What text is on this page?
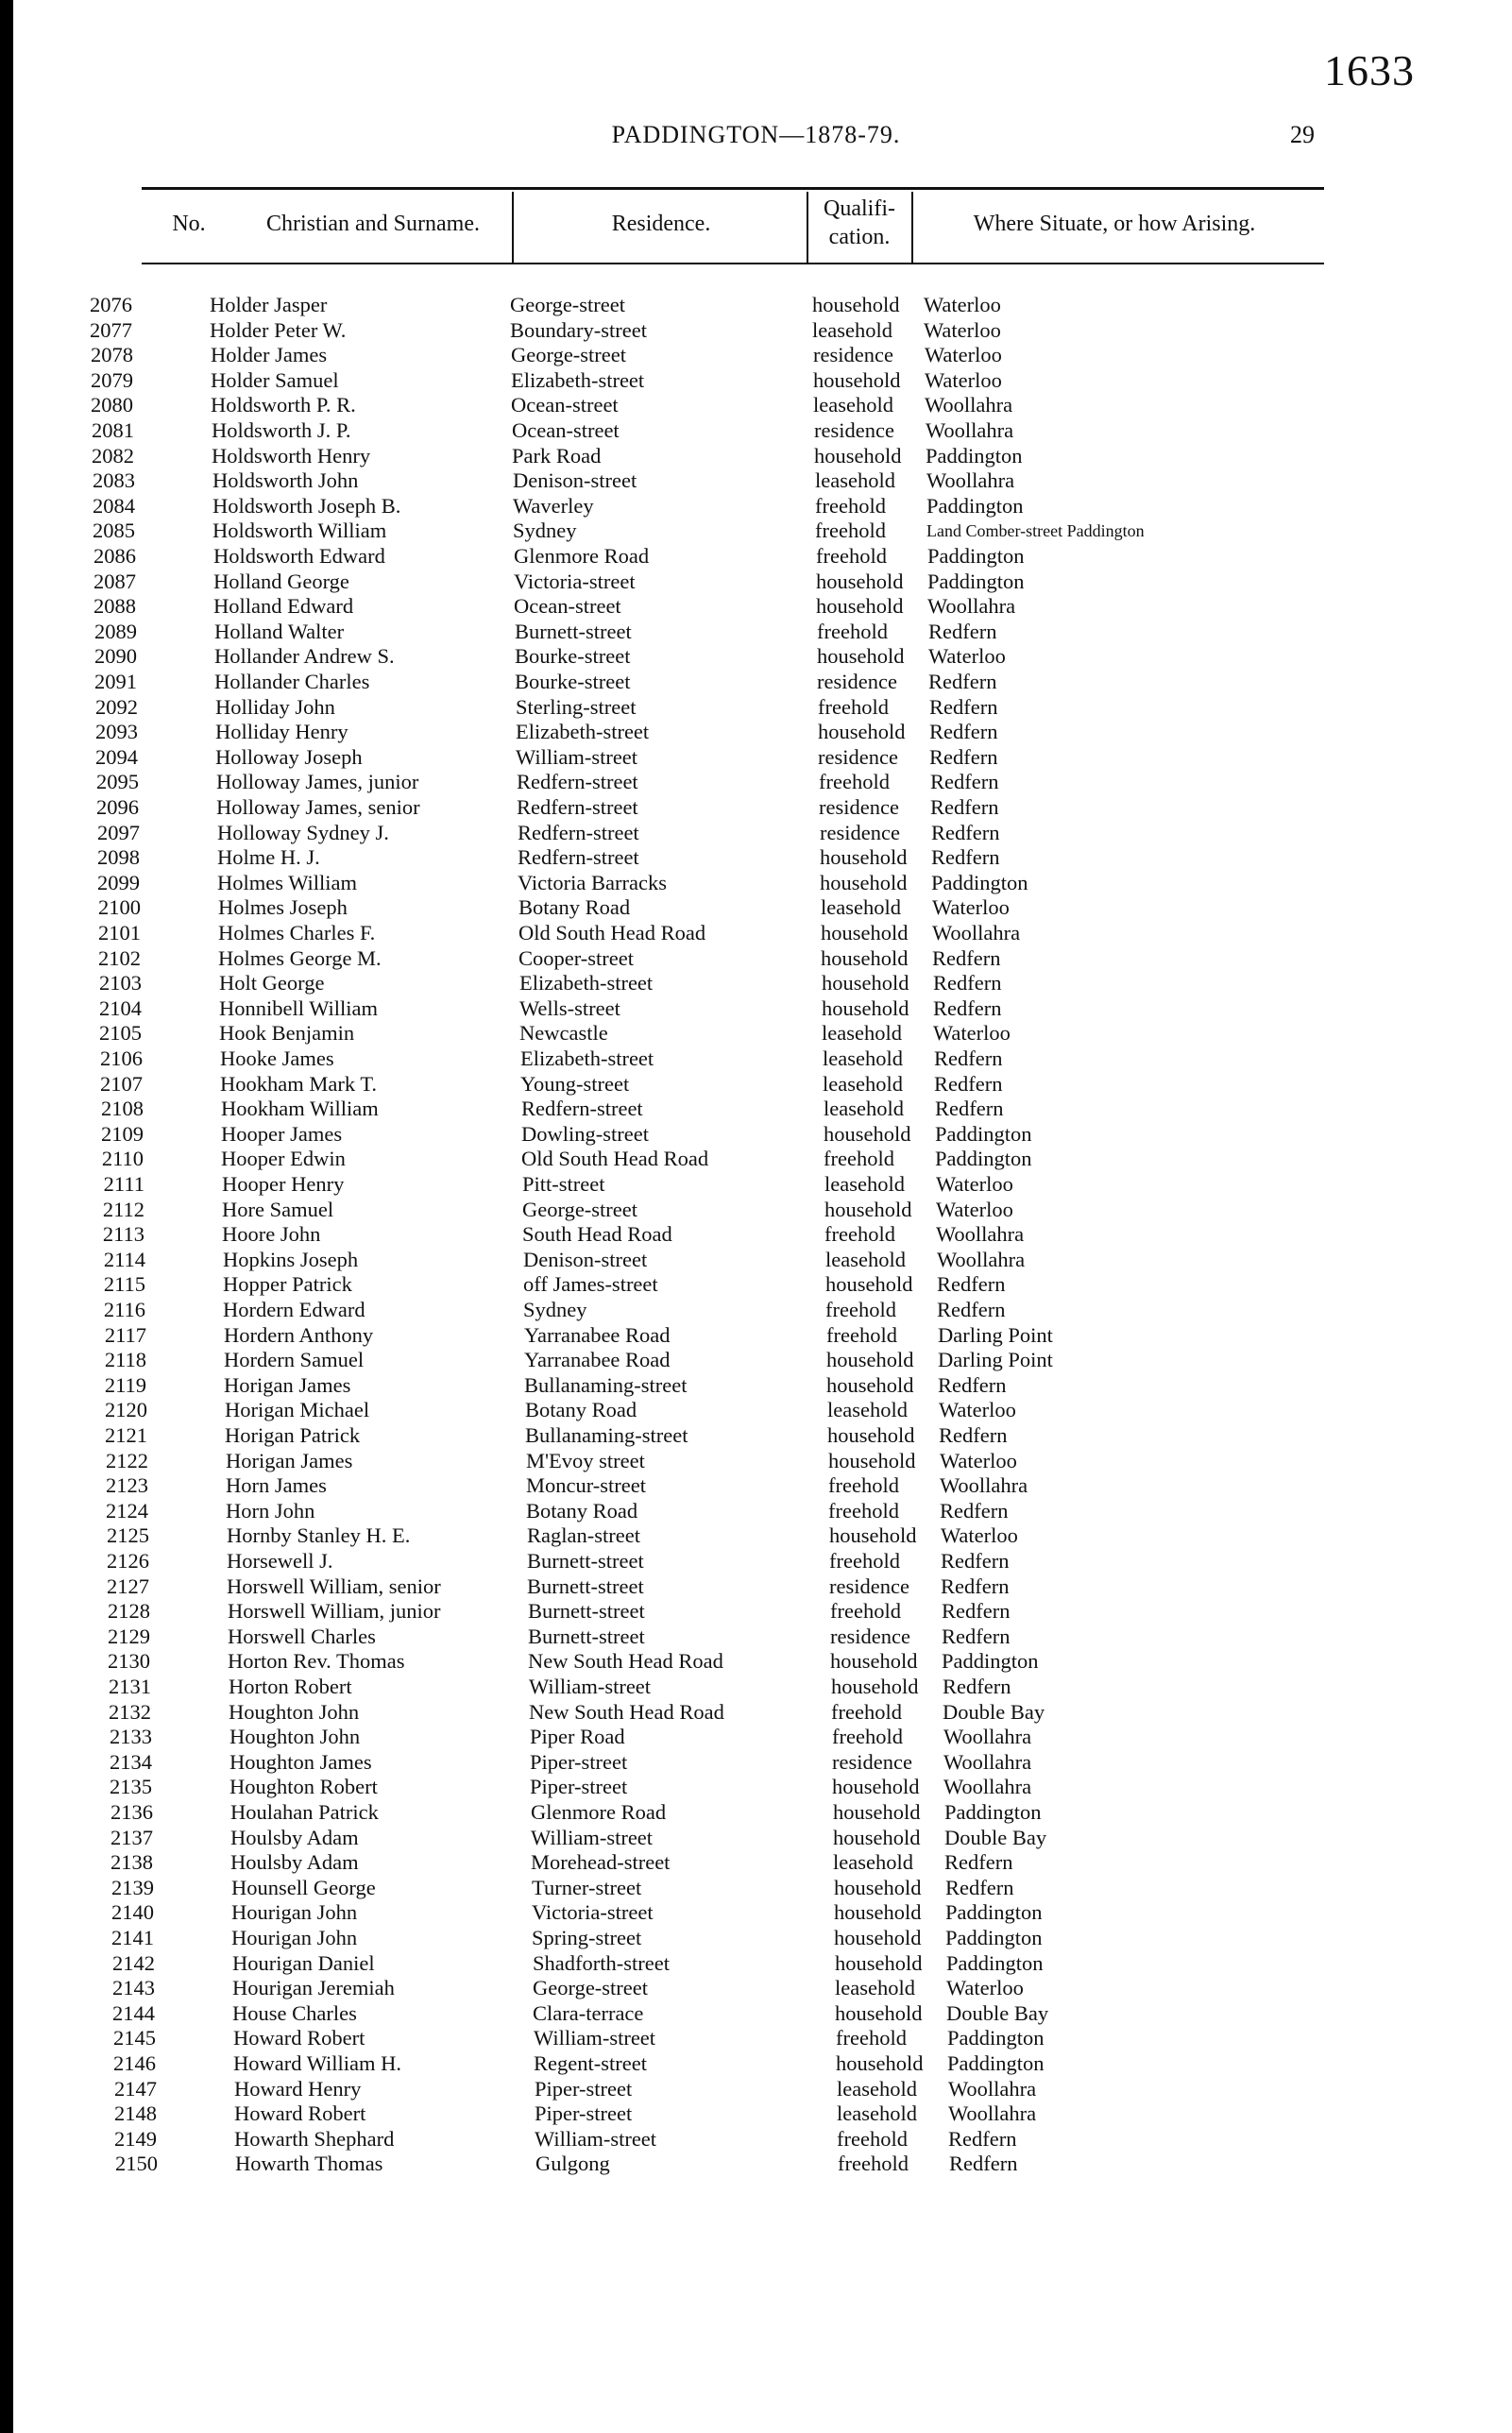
1633
PADDINGTON—1878-79.	29
No.	Christian and Surname.	Residence.
Qualifi-
cation.
Where Situate, or how Arising.
2076	Holder Jasper	George-street	household Waterloo
2077	Holder Peter W.	Boundary-street	leasehold Waterloo
2078	Holder James	George-street	residence Waterloo
2079	Holder Samuel	Elizabeth-street	household Waterloo
2080	Holdsworth P. R.	Ocean-street	leasehold Woollahra
2081	Holdsworth J. P.	Ocean-street	residence Woollahra
2082	Holdsworth Henry	Park Road	household Paddington
2083	Holdsworth John	Denison-street	leasehold Woollahra
2084	Holdsworth Joseph B.	Waverley	freehold Paddington
2085	Holdsworth William	Sydney	freehold Land Comber-street Paddington
2086	Holdsworth Edward	Glenmore Road	freehold Paddington
2087	Holland George	Victoria-street	household Paddington
2088	Holland Edward	Ocean-street	household Woollahra
2089	Holland Walter	Burnett-street	freehold Redfern
2090	Hollander Andrew S.	Bourke-street	household Waterloo
2091	Hollander Charles	Bourke-street	residence Redfern
2092	Holliday John	Sterling-street	freehold Redfern
2093	Holliday Henry	Elizabeth-street	household Redfern
2094	Holloway Joseph	William-street	residence Redfern
2095	Holloway James, junior	Redfern-street	freehold Redfern
2096	Holloway James, senior	Redfern-street	residence Redfern
2097	Holloway Sydney J.	Redfern-street	residence Redfern
2098	Holme H. J.	Redfern-street	household Redfern
2099	Holmes William	Victoria Barracks	household Paddington
2100	Holmes Joseph	Botany Road	leasehold Waterloo
2101	Holmes Charles F.	Old South Head Road	household Woollahra
2102	Holmes George M.	Cooper-street	household Redfern
2103	Holt George	Elizabeth-street	household Redfern
2104	Honnibell William	Wells-street	household Redfern
2105	Hook Benjamin	Newcastle	leasehold Waterloo
2106	Hooke James	Elizabeth-street	leasehold Redfern
2107	Hookham Mark T.	Young-street	leasehold Redfern
2108	Hookham William	Redfern-street	leasehold Redfern
2109	Hooper James	Dowling-street	household Paddington
2110	Hooper Edwin	Old South Head Road	freehold Paddington
2111	Hooper Henry	Pitt-street	leasehold Waterloo
2112	Hore Samuel	George-street	household Waterloo
2113	Hoore John	South Head Road	freehold Woollahra
2114	Hopkins Joseph	Denison-street	leasehold Woollahra
2115	Hopper Patrick	off James-street	household Redfern
2116	Hordern Edward	Sydney	freehold Redfern
2117	Hordern Anthony	Yarranabee Road	freehold Darling Point
2118	Hordern Samuel	Yarranabee Road	household Darling Point
2119	Horigan James	Bullanaming-street	household Redfern
2120	Horigan Michael	Botany Road	leasehold Waterloo
2121	Horigan Patrick	Bullanaming-street	household Redfern
2122	Horigan James	M'Evoy street	household Waterloo
2123	Horn James	Moncur-street	freehold Woollahra
2124	Horn John	Botany Road	freehold Redfern
2125	Hornby Stanley H. E.	Raglan-street	household Waterloo
2126	Horsewell J.	Burnett-street	freehold Redfern
2127	Horswell William, senior	Burnett-street	residence Redfern
2128	Horswell William, junior	Burnett-street	freehold Redfern
2129	Horswell Charles	Burnett-street	residence Redfern
2130	Horton Rev. Thomas	New South Head Road	household Paddington
2131	Horton Robert	William-street	household Redfern
2132	Houghton John	New South Head Road	freehold Double Bay
2133	Houghton John	Piper Road	freehold Woollahra
2134	Houghton James	Piper-street	residence Woollahra
2135	Houghton Robert	Piper-street	household Woollahra
2136	Houlahan Patrick	Glenmore Road	household Paddington
2137	Houlsby Adam	William-street	household Double Bay
2138	Houlsby Adam	Morehead-street	leasehold Redfern
2139	Hounsell George	Turner-street	household Redfern
2140	Hourigan John	Victoria-street	household Paddington
2141	Hourigan John	Spring-street	household Paddington
2142	Hourigan Daniel	Shadforth-street	household Paddington
2143	Hourigan Jeremiah	George-street	leasehold Waterloo
2144	House Charles	Clara-terrace	household Double Bay
2145	Howard Robert	William-street	freehold Paddington
2146	Howard William H.	Regent-street	household Paddington
2147	Howard Henry	Piper-street	leasehold Woollahra
2148	Howard Robert	Piper-street	leasehold Woollahra
2149	Howarth Shephard	William-street	freehold Redfern
2150	Howarth Thomas	Gulgong	freehold Redfern
